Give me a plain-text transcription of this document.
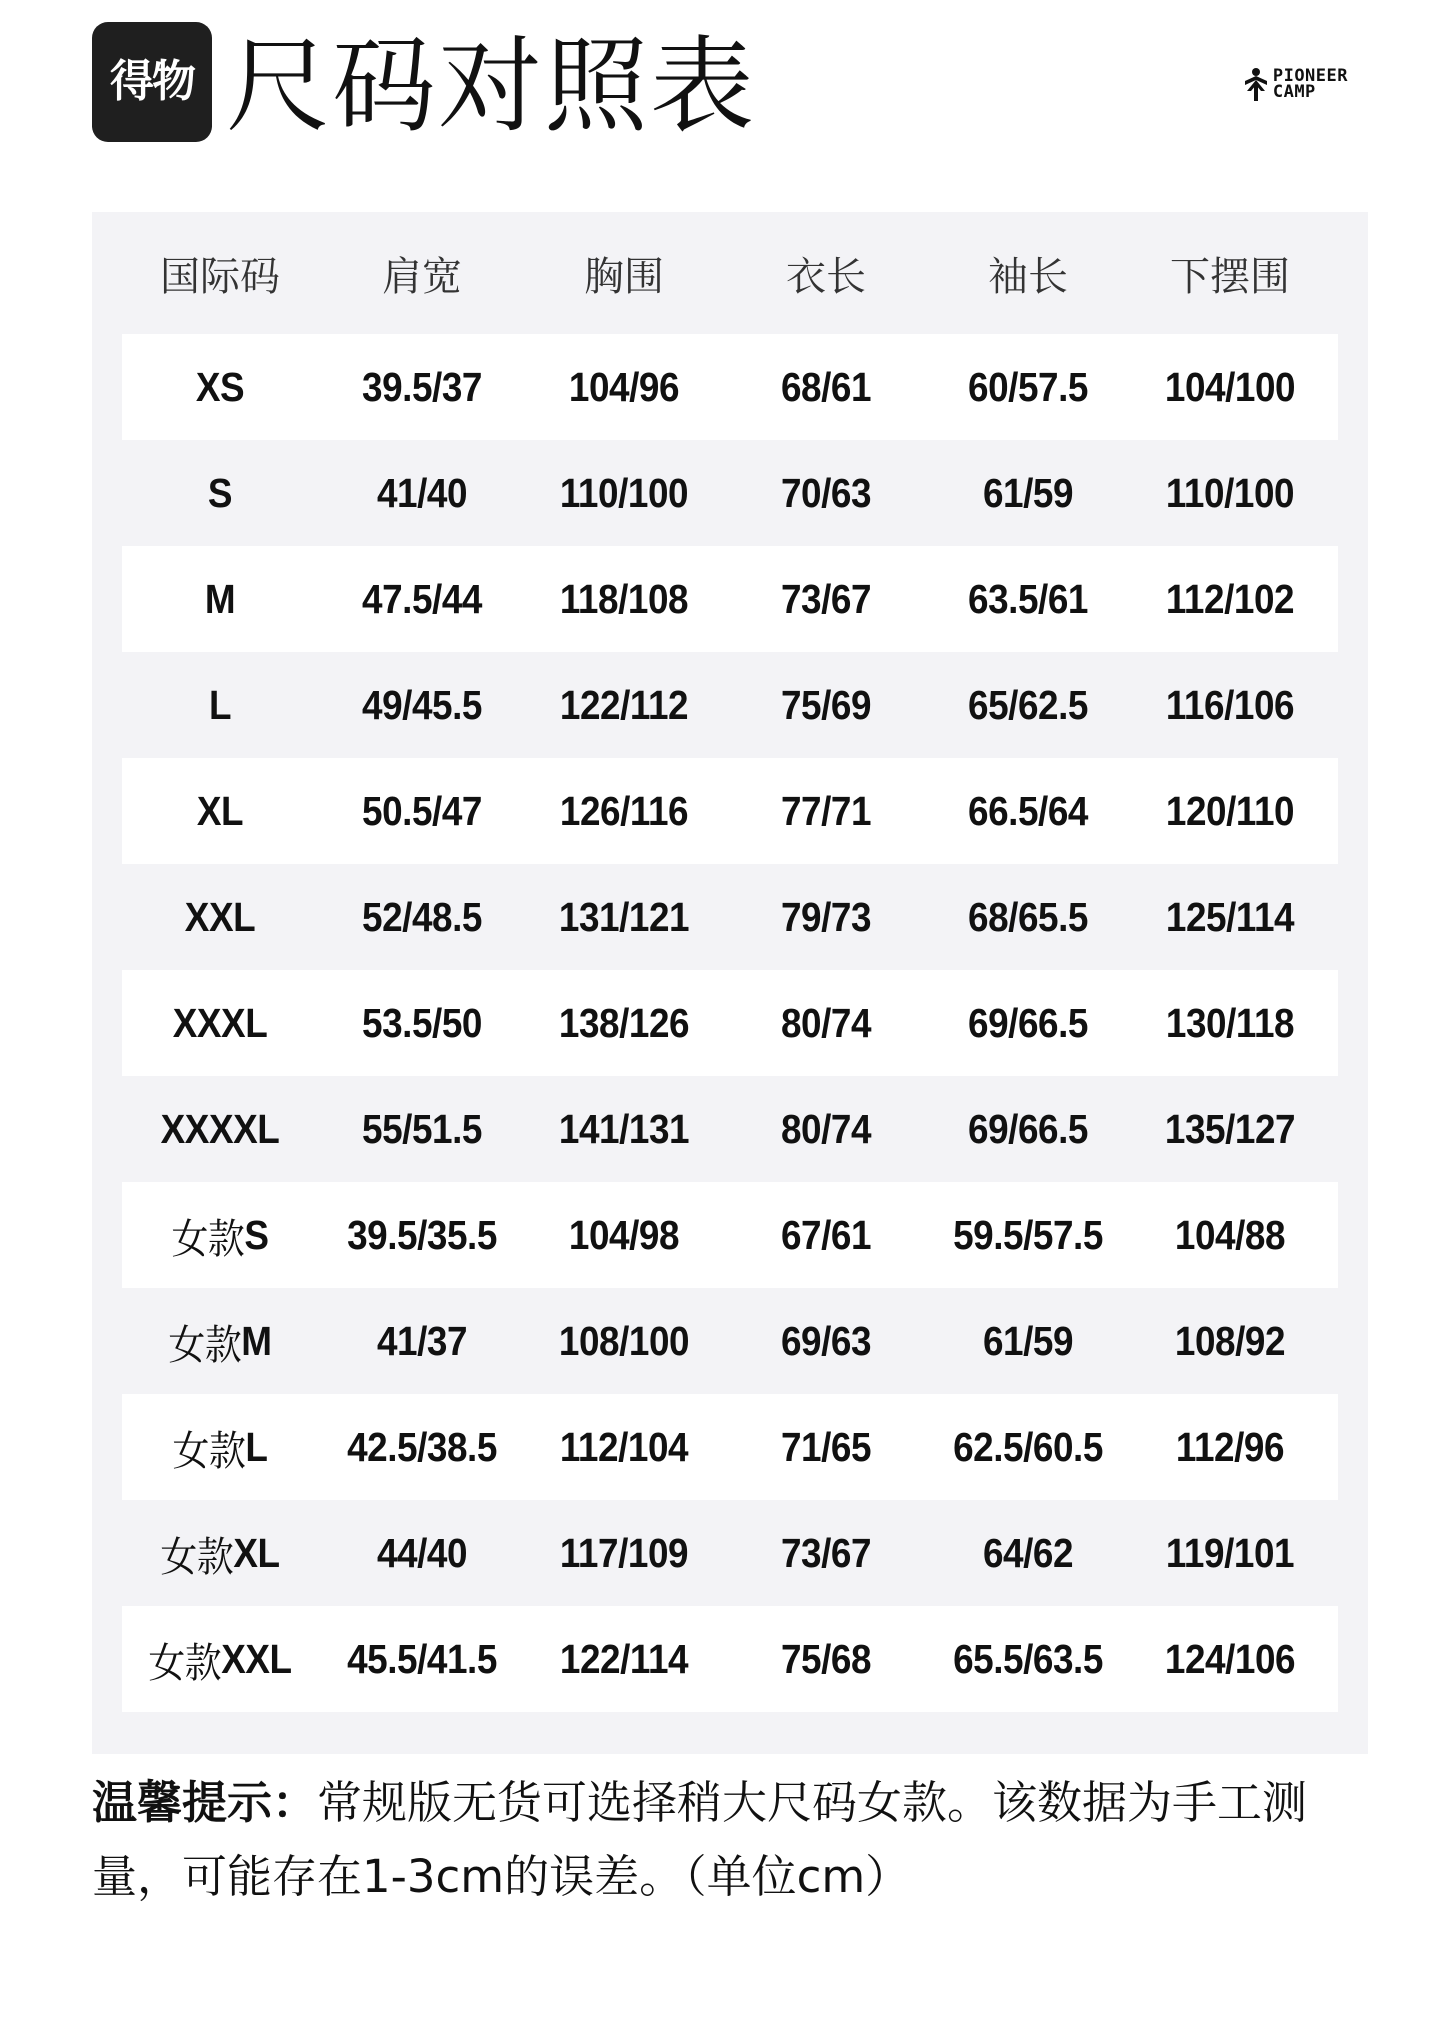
得物 尺码对照表	PIONEER
CAMP
国际码	肩宽	胸围	衣长	袖长	下摆围
XS	39.5/37	104/96	68/61	60/57.5	104/100
S	41/40	110/100	70/63	61/59	110/100
M	47.5/44	118/108	73/67	63.5/61	112/102
L	49/45.5	122/112	75/69	65/62.5	116/106
XL	50.5/47	126/116	77/71	66.5/64	120/110
XXL	52/48.5	131/121	79/73	68/65.5	125/114
XXXL	53.5/50	138/126	80/74	69/66.5	130/118
XXXXL	55/51.5	141/131	80/74	69/66.5	135/127
女款 S	39.5/35.5	104/98	67/61	59.5/57.5	104/88
女款 M	41/37	108/100	69/63	61/59	108/92
女款 L	42.5/38.5	112/104	71/65	62.5/60.5	112/96
女款 XL	44/40	117/109	73/67	64/62	119/101
女款 XXL	45.5/41.5	122/114	75/68	65.5/63.5	124/106
温馨提示：常规版无货可选择稍大尺码女款。该数据为手工测量，可能存在1-3cm的误差。（单位cm）
